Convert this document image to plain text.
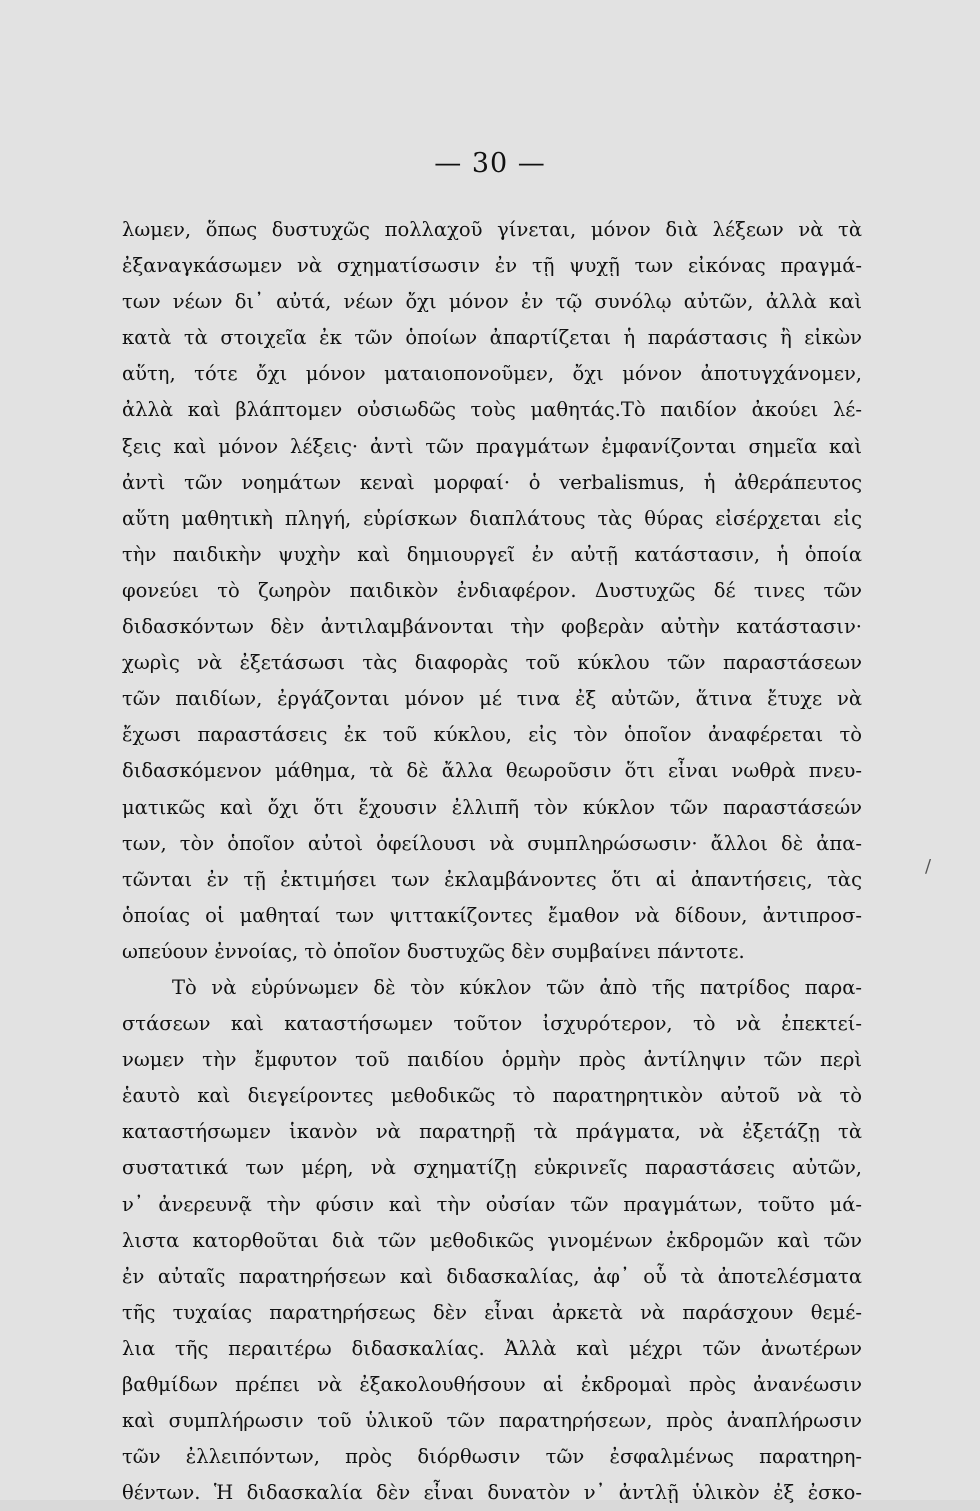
— 30 —
λωμεν, ὅπως δυστυχῶς πολλαχοῦ γίνεται, μόνον διὰ λέξεων νὰ τὰ
ἐξαναγκάσωμεν νὰ σχηματίσωσιν ἐν τῇ ψυχῇ των εἰκόνας πραγμά-
των νέων δι᾽ αὐτά, νέων ὄχι μόνον ἐν τῷ συνόλῳ αὐτῶν, ἀλλὰ καὶ
κατὰ τὰ στοιχεῖα ἐκ τῶν ὁποίων ἀπαρτίζεται ἡ παράστασις ἢ εἰκὼν
αὕτη, τότε ὄχι μόνον ματαιοπονοῦμεν, ὄχι μόνον ἀποτυγχάνομεν,
ἀλλὰ καὶ βλάπτομεν οὐσιωδῶς τοὺς μαθητάς.Τὸ παιδίον ἀκούει λέ-
ξεις καὶ μόνον λέξεις· ἀντὶ τῶν πραγμάτων ἐμφανίζονται σημεῖα καὶ
ἀντὶ τῶν νοημάτων κεναὶ μορφαί· ὁ verbalismus, ἡ ἀθεράπευτος
αὕτη μαθητικὴ πληγή, εὑρίσκων διαπλάτους τὰς θύρας εἰσέρχεται εἰς
τὴν παιδικὴν ψυχὴν καὶ δημιουργεῖ ἐν αὐτῇ κατάστασιν, ἡ ὁποία
φονεύει τὸ ζωηρὸν παιδικὸν ἐνδιαφέρον. Δυστυχῶς δέ τινες τῶν
διδασκόντων δὲν ἀντιλαμβάνονται τὴν φοβερὰν αὐτὴν κατάστασιν·
χωρὶς νὰ ἐξετάσωσι τὰς διαφορὰς τοῦ κύκλου τῶν παραστάσεων
τῶν παιδίων, ἐργάζονται μόνον μέ τινα ἐξ αὐτῶν, ἅτινα ἔτυχε νὰ
ἔχωσι παραστάσεις ἐκ τοῦ κύκλου, εἰς τὸν ὁποῖον ἀναφέρεται τὸ
διδασκόμενον μάθημα, τὰ δὲ ἄλλα θεωροῦσιν ὅτι εἶναι νωθρὰ πνευ-
ματικῶς καὶ ὄχι ὅτι ἔχουσιν ἐλλιπῆ τὸν κύκλον τῶν παραστάσεών
των, τὸν ὁποῖον αὐτοὶ ὀφείλουσι νὰ συμπληρώσωσιν· ἄλλοι δὲ ἀπα-
τῶνται ἐν τῇ ἐκτιμήσει των ἐκλαμβάνοντες ὅτι αἱ ἀπαντήσεις, τὰς
ὁποίας οἱ μαθηταί των ψιττακίζοντες ἔμαθον νὰ δίδουν, ἀντιπροσ-
ωπεύουν ἐννοίας, τὸ ὁποῖον δυστυχῶς δὲν συμβαίνει πάντοτε.
Τὸ νὰ εὑρύνωμεν δὲ τὸν κύκλον τῶν ἀπὸ τῆς πατρίδος παρα-
στάσεων καὶ καταστήσωμεν τοῦτον ἰσχυρότερον, τὸ νὰ ἐπεκτεί-
νωμεν τὴν ἔμφυτον τοῦ παιδίου ὁρμὴν πρὸς ἀντίληψιν τῶν περὶ
ἑαυτὸ καὶ διεγείροντες μεθοδικῶς τὸ παρατηρητικὸν αὐτοῦ νὰ τὸ
καταστήσωμεν ἱκανὸν νὰ παρατηρῇ τὰ πράγματα, νὰ ἐξετάζῃ τὰ
συστατικά των μέρη, νὰ σχηματίζῃ εὐκρινεῖς παραστάσεις αὐτῶν,
ν᾽ ἀνερευνᾷ τὴν φύσιν καὶ τὴν οὐσίαν τῶν πραγμάτων, τοῦτο μά-
λιστα κατορθοῦται διὰ τῶν μεθοδικῶς γινομένων ἐκδρομῶν καὶ τῶν
ἐν αὐταῖς παρατηρήσεων καὶ διδασκαλίας, ἀφ᾽ οὗ τὰ ἀποτελέσματα
τῆς τυχαίας παρατηρήσεως δὲν εἶναι ἀρκετὰ νὰ παράσχουν θεμέ-
λια τῆς περαιτέρω διδασκαλίας. Ἀλλὰ καὶ μέχρι τῶν ἀνωτέρων
βαθμίδων πρέπει νὰ ἐξακολουθήσουν αἱ ἐκδρομαὶ πρὸς ἀνανέωσιν
καὶ συμπλήρωσιν τοῦ ὑλικοῦ τῶν παρατηρήσεων, πρὸς ἀναπλήρωσιν
τῶν ἐλλειπόντων, πρὸς διόρθωσιν τῶν ἐσφαλμένως παρατηρη-
θέντων. Ἡ διδασκαλία δὲν εἶναι δυνατὸν ν᾽ ἀντλῇ ὑλικὸν ἐξ ἐσκο-
/
